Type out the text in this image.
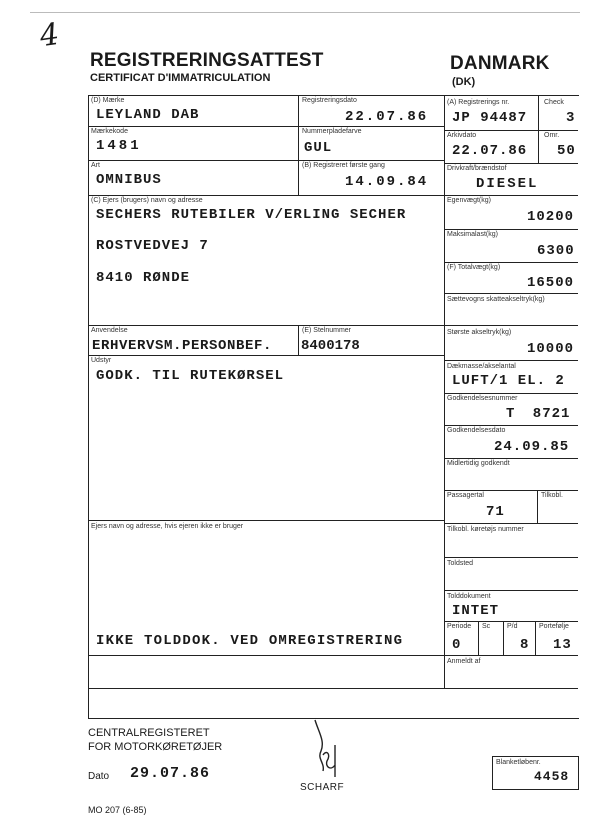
4
REGISTRERINGSATTEST
CERTIFICAT D'IMMATRICULATION
DANMARK
(DK)
(D) Mærke
LEYLAND DAB
Registreringsdato
22.07.86
(A) Registrerings nr.
JP 94487
Check
3
Mærkekode
1481
Nummerpladefarve
GUL
Arkivdato
22.07.86
Omr.
50
Art
OMNIBUS
(B) Registreret første gang
14.09.84
Drivkraft/brændstof
DIESEL
(C) Ejers (brugers) navn og adresse
SECHERS RUTEBILER V/ERLING SECHER
ROSTVEDVEJ 7
8410 RØNDE
Egenvægt(kg)
10200
Maksimalast(kg)
6300
(F) Totalvægt(kg)
16500
Sættevogns skatteakseltryk(kg)
Anvendelse
ERHVERVSM.PERSONBEF.
(E) Stelnummer
8400178
Største akseltryk(kg)
10000
Udstyr
GODK. TIL RUTEKØRSEL
Dækmasse/akselantal
LUFT/1 EL. 2
Godkendelsesnummer
T 8721
Godkendelsesdato
24.09.85
Midlertidig godkendt
Passagertal
71
Tilkobl.
Ejers navn og adresse, hvis ejeren ikke er bruger	Tilkobl. køretøjs nummer
Toldsted
Tolddokument
INTET
IKKE TOLDDOK. VED OMREGISTRERING
Periode
0
Sc P/d
8
Portefølje
13
Anmeldt af
CENTRALREGISTERET
FOR MOTORKØRETØJER
Dato 29.07.86
SCHARF
Blanketløbenr.
4458
MO 207 (6-85)
